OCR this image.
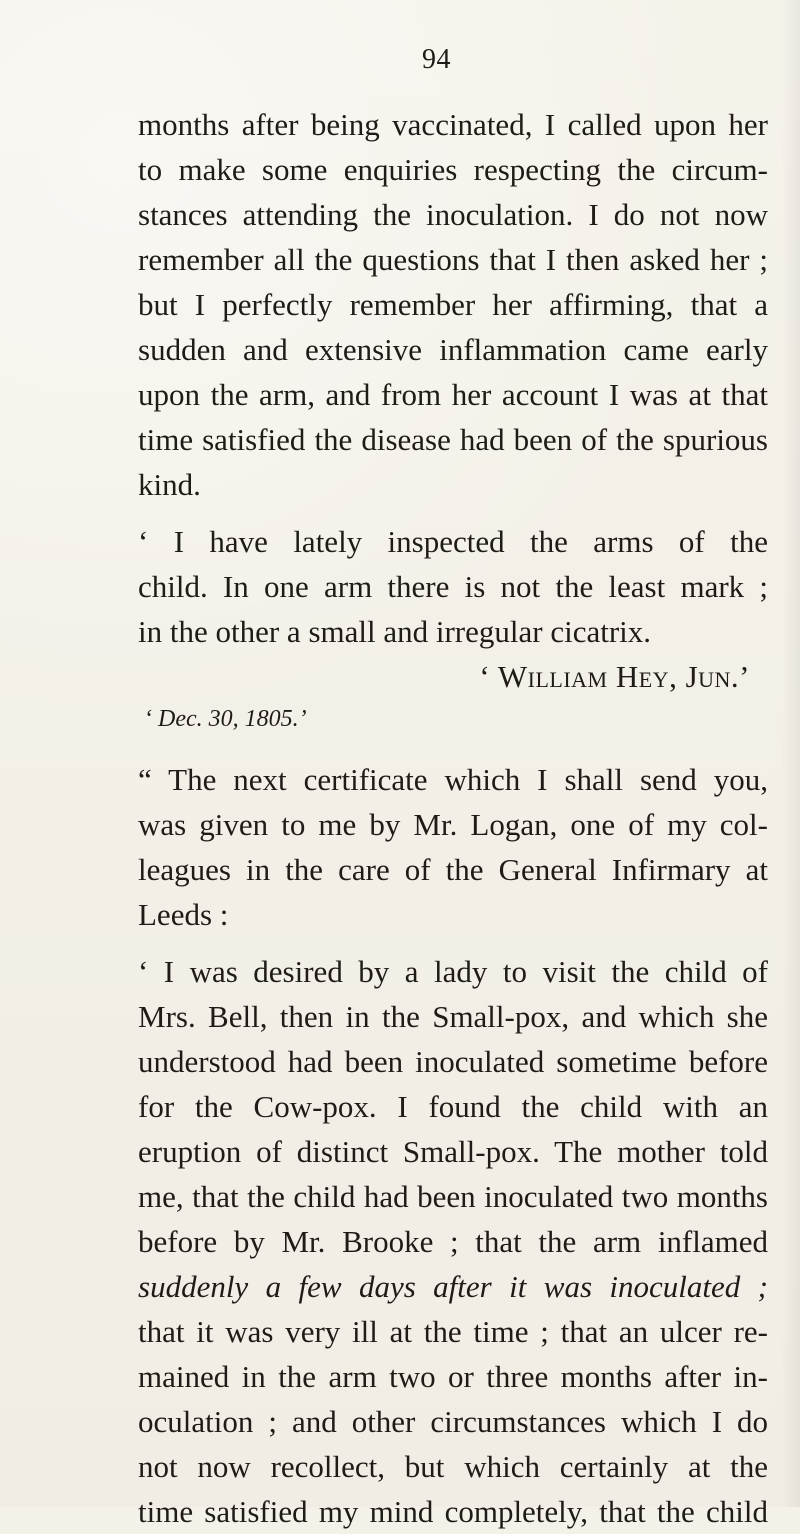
94
months after being vaccinated, I called upon her
to make some enquiries respecting the circum-
stances attending the inoculation. I do not now
remember all the questions that I then asked her ;
but I perfectly remember her affirming, that a
sudden and extensive inflammation came early
upon the arm, and from her account I was at that
time satisfied the disease had been of the spurious
kind.
‘ I have lately inspected the arms of the
child. In one arm there is not the least mark ;
in the other a small and irregular cicatrix.
‘ William Hey, Jun.’
‘ Dec. 30, 1805.’
“ The next certificate which I shall send you,
was given to me by Mr. Logan, one of my col-
leagues in the care of the General Infirmary at
Leeds :
‘ I was desired by a lady to visit the child of
Mrs. Bell, then in the Small-pox, and which she
understood had been inoculated sometime before
for the Cow-pox. I found the child with an
eruption of distinct Small-pox. The mother told
me, that the child had been inoculated two months
before by Mr. Brooke ; that the arm inflamed
suddenly a few days after it was inoculated ;
that it was very ill at the time ; that an ulcer re-
mained in the arm two or three months after in-
oculation ; and other circumstances which I do
not now recollect, but which certainly at the
time satisfied my mind completely, that the child
